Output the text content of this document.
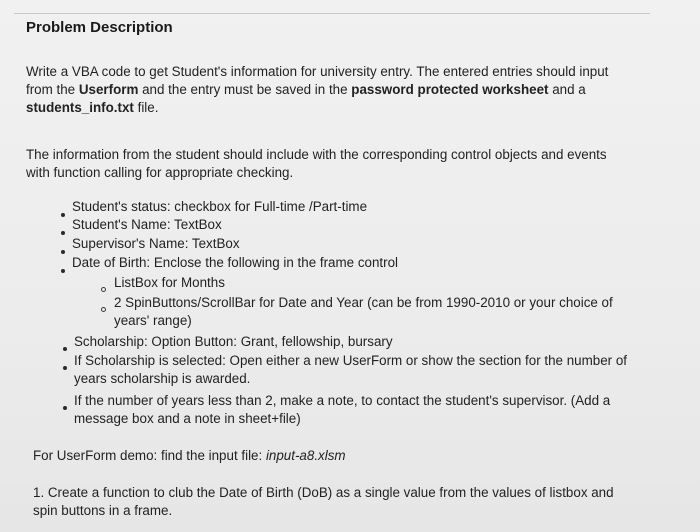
Problem Description
Write a VBA code to get Student's information for university entry. The entered entries should input
from the Userform and the entry must be saved in the password protected worksheet and a
students_info.txt file.
The information from the student should include with the corresponding control objects and events
with function calling for appropriate checking.
Student's status: checkbox for Full-time /Part-time
Student's Name: TextBox
Supervisor's Name: TextBox
Date of Birth: Enclose the following in the frame control
ListBox for Months
2 SpinButtons/ScrollBar for Date and Year (can be from 1990-2010 or your choice of
years' range)
Scholarship: Option Button: Grant, fellowship, bursary
If Scholarship is selected: Open either a new UserForm or show the section for the number of
years scholarship is awarded.
If the number of years less than 2, make a note, to contact the student's supervisor. (Add a
message box and a note in sheet+file)
For UserForm demo: find the input file: input-a8.xlsm
1. Create a function to club the Date of Birth (DoB) as a single value from the values of listbox and
spin buttons in a frame.
